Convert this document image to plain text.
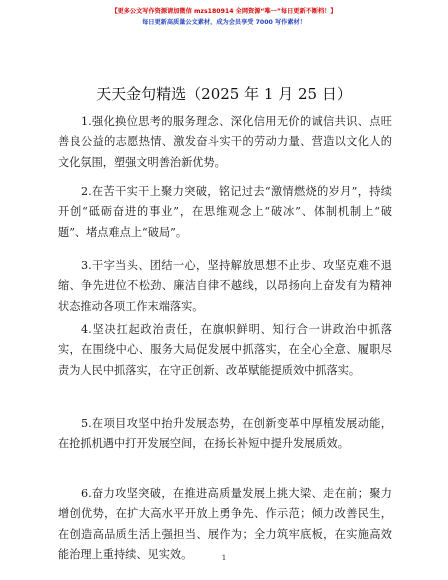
【更多公文写作资源请加微信 mzs180914 全网资源“唯一”每日更新不断档！】
每日更新高质量公文素材，成为会员享受 7000 写作素材！
天天金句精选（2025 年 1 月 25 日）

1.强化换位思考的服务理念、深化信用无价的诚信共识、点旺善良公益的志愿热情、激发奋斗实干的劳动力量、营造以文化人的文化氛围，塑强文明善治新优势。

2.在苦干实干上聚力突破，铭记过去“激情燃烧的岁月”，持续开创“砥砺奋进的事业”，在思维观念上“破冰”、体制机制上“破题”、堵点难点上“破局”。

3.干字当头、团结一心，坚持解放思想不止步、攻坚克难不退缩、争先进位不松劲、廉洁自律不越线，以昂扬向上奋发有为精神状态推动各项工作末端落实。

4.坚决扛起政治责任，在旗帜鲜明、知行合一讲政治中抓落实，在围绕中心、服务大局促发展中抓落实，在全心全意、履职尽责为人民中抓落实，在守正创新、改革赋能提质效中抓落实。

5.在项目攻坚中抬升发展态势，在创新变革中厚植发展动能，在抢抓机遇中打开发展空间，在扬长补短中提升发展质效。

6.奋力攻坚突破，在推进高质量发展上挑大梁、走在前；聚力增创优势，在扩大高水平开放上勇争先、作示范；倾力改善民生，在创造高品质生活上强担当、展作为；全力筑牢底板，在实施高效能治理上重持续、见实效。	1
